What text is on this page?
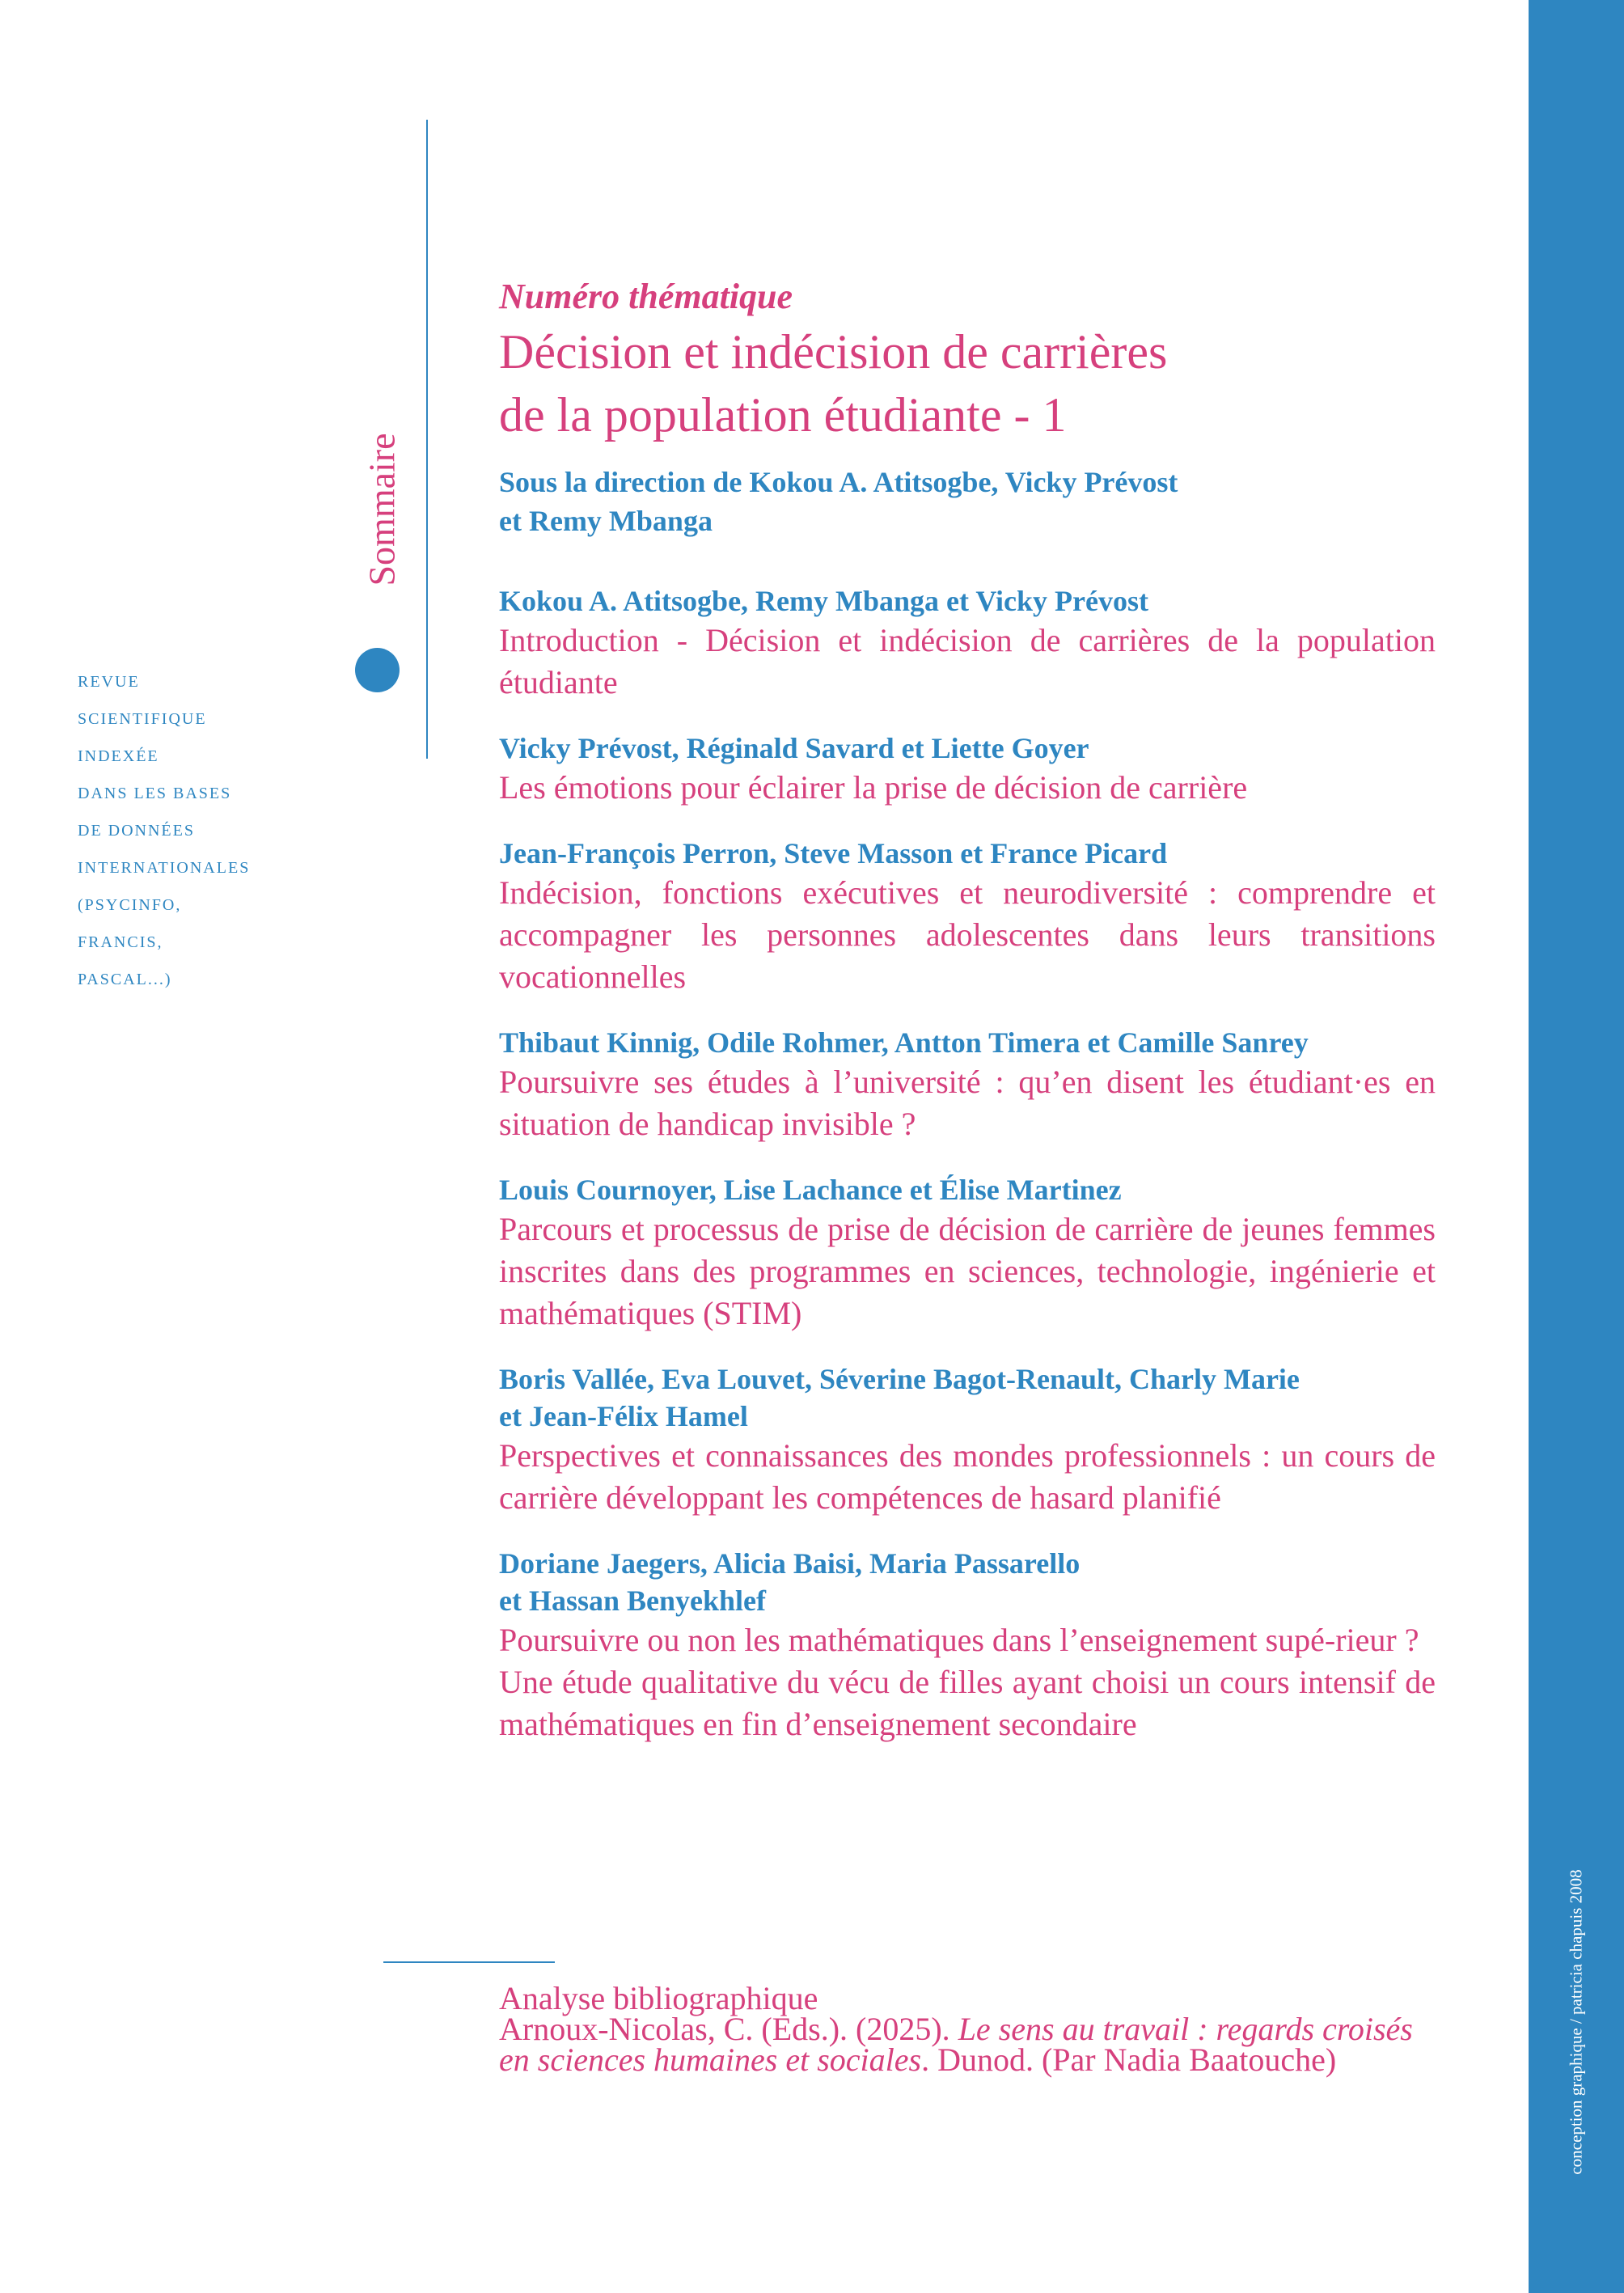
conception graphique / patricia chapuis 2008
Sommaire
REVUE
SCIENTIFIQUE
INDEXÉE
DANS LES BASES
DE DONNÉES
INTERNATIONALES
(PSYCINFO,
FRANCIS,
PASCAL...)
Numéro thématique
Décision et indécision de carrières
de la population étudiante - 1
Sous la direction de Kokou A. Atitsogbe, Vicky Prévost
et Remy Mbanga
Kokou A. Atitsogbe, Remy Mbanga et Vicky Prévost
Introduction - Décision et indécision de carrières de la population étudiante
Vicky Prévost, Réginald Savard et Liette Goyer
Les émotions pour éclairer la prise de décision de carrière
Jean-François Perron, Steve Masson et France Picard
Indécision, fonctions exécutives et neurodiversité : comprendre et accompagner les personnes adolescentes dans leurs transitions vocationnelles
Thibaut Kinnig, Odile Rohmer, Antton Timera et Camille Sanrey
Poursuivre ses études à l’université : qu’en disent les étudiant·es en situation de handicap invisible ?
Louis Cournoyer, Lise Lachance et Élise Martinez
Parcours et processus de prise de décision de carrière de jeunes femmes inscrites dans des programmes en sciences, technologie, ingénierie et mathématiques (STIM)
Boris Vallée, Eva Louvet, Séverine Bagot-Renault, Charly Marie
et Jean-Félix Hamel
Perspectives et connaissances des mondes professionnels : un cours de carrière développant les compétences de hasard planifié
Doriane Jaegers, Alicia Baisi, Maria Passarello
et Hassan Benyekhlef
Poursuivre ou non les mathématiques dans l’enseignement supé-rieur ?
Une étude qualitative du vécu de filles ayant choisi un cours intensif de mathématiques en fin d’enseignement secondaire
Analyse bibliographique
Arnoux-Nicolas, C. (Eds.). (2025). Le sens au travail : regards croisés en sciences humaines et sociales. Dunod. (Par Nadia Baatouche)
